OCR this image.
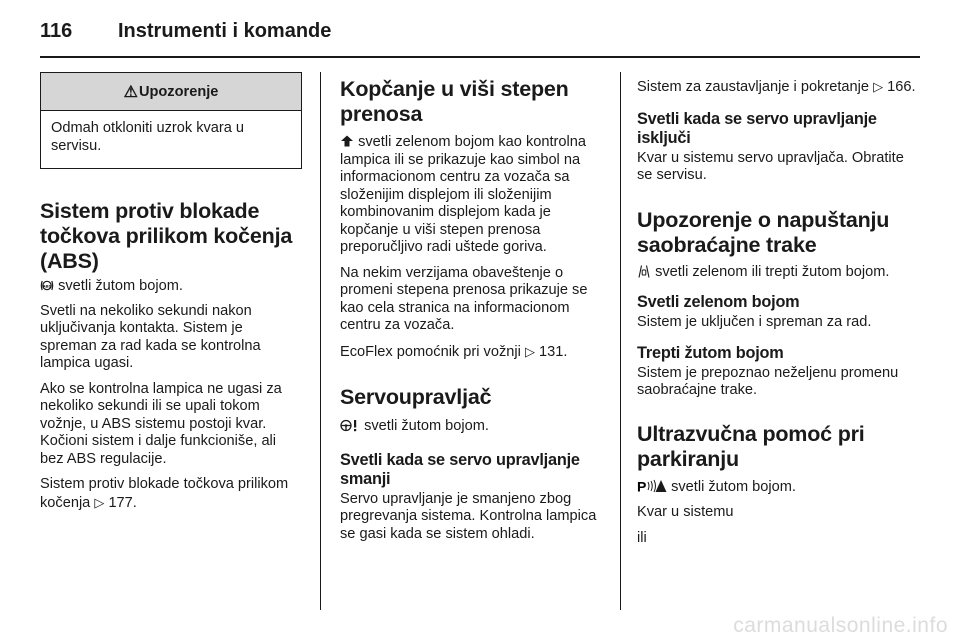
116 Instrumenti i komande
⚠ Upozorenje

Odmah otkloniti uzrok kvara u servisu.

Sistem protiv blokade točkova prilikom kočenja (ABS)

ABS svetli žutom bojom.

Svetli na nekoliko sekundi nakon uključivanja kontakta. Sistem je spreman za rad kada se kontrolna lampica ugasi.

Ako se kontrolna lampica ne ugasi za nekoliko sekundi ili se upali tokom vožnje, u ABS sistemu postoji kvar. Kočioni sistem i dalje funkcioniše, ali bez ABS regulacije.

Sistem protiv blokade točkova prilikom kočenja ▷ 177.

Kopčanje u viši stepen prenosa

svetli zelenom bojom kao kontrolna lampica ili se prikazuje kao simbol na informacionom centru za vozača sa složenijim displejom ili složenijim kombinovanim displejom kada je kopčanje u viši stepen prenosa preporučljivo radi uštede goriva.

Na nekim verzijama obaveštenje o promeni stepena prenosa prikazuje se kao cela stranica na informacionom centru za vozača.

EcoFlex pomoćnik pri vožnji ▷ 131.

Servoupravljač

svetli žutom bojom.

Svetli kada se servo upravljanje smanji

Servo upravljanje je smanjeno zbog pregrevanja sistema. Kontrolna lampica se gasi kada se sistem ohladi.

Sistem za zaustavljanje i pokretanje ▷ 166.

Svetli kada se servo upravljanje isključi

Kvar u sistemu servo upravljača. Obratite se servisu.

Upozorenje o napuštanju saobraćajne trake

svetli zelenom ili trepti žutom bojom.

Svetli zelenom bojom

Sistem je uključen i spreman za rad.

Trepti žutom bojom

Sistem je prepoznao neželjenu promenu saobraćajne trake.

Ultrazvučna pomoć pri parkiranju

P svetli žutom bojom.

Kvar u sistemu

ili

carmanualsonline.info
